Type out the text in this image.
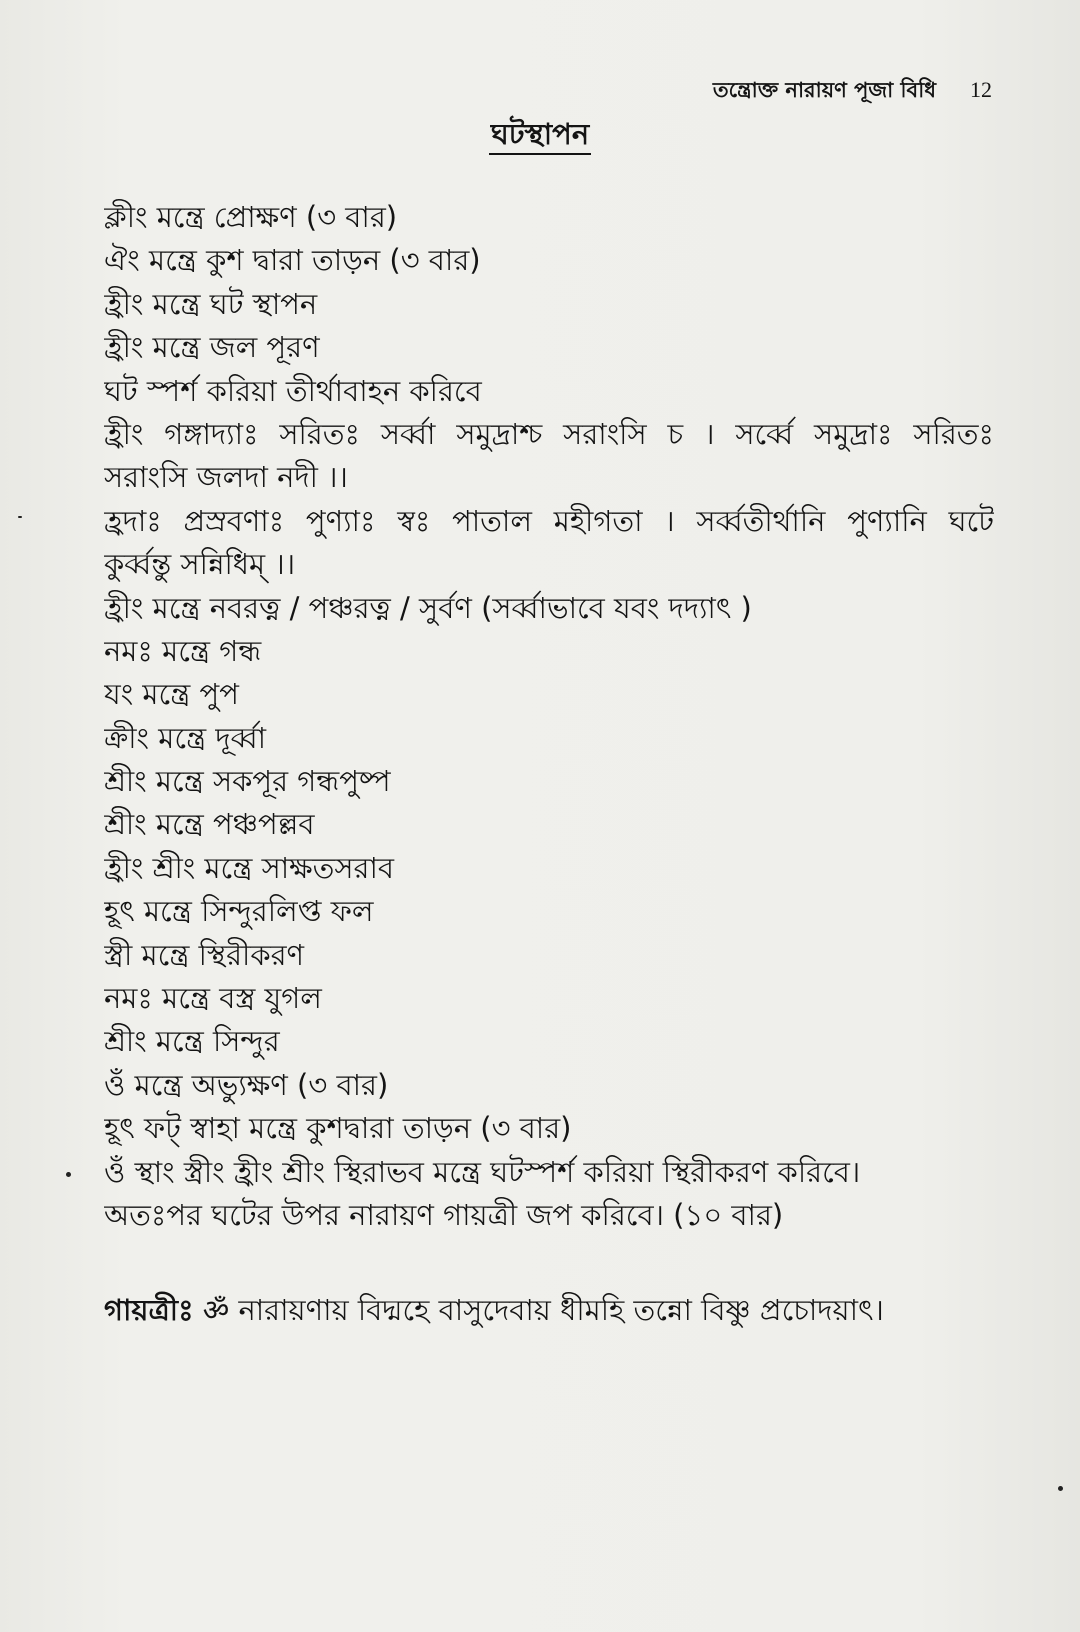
তন্ত্রোক্ত নারায়ণ পূজা বিধি 12
ঘটস্থাপন
ক্লীং মন্ত্রে প্রোক্ষণ (৩ বার)
ঐং মন্ত্রে কুশ দ্বারা তাড়ন (৩ বার)
হ্রীং মন্ত্রে ঘট স্থাপন
হ্রীং মন্ত্রে জল পূরণ
ঘট স্পর্শ করিয়া তীর্থাবাহন করিবে
হ্রীং গঙ্গাদ্যাঃ সরিতঃ সর্ব্বা সমুদ্রাশ্চ সরাংসি চ । সর্ব্বে সমুদ্রাঃ সরিতঃ
সরাংসি জলদা নদী ।।
হ্রদাঃ প্রস্রবণাঃ পুণ্যাঃ স্বঃ পাতাল মহীগতা । সর্ব্বতীর্থানি পুণ্যানি ঘটে
কুর্ব্বন্তু সন্নিধিম্ ।।
হ্রীং মন্ত্রে নবরত্ন / পঞ্চরত্ন / সুর্বণ (সর্ব্বাভাবে যবং দদ্যাৎ )
নমঃ মন্ত্রে গন্ধ
যং মন্ত্রে পুপ
ক্রীং মন্ত্রে দূর্ব্বা
শ্রীং মন্ত্রে সকপূর গন্ধপুষ্প
শ্রীং মন্ত্রে পঞ্চপল্লব
হ্রীং শ্রীং মন্ত্রে সাক্ষতসরাব
হূৎ মন্ত্রে সিন্দুরলিপ্ত ফল
স্ত্রী মন্ত্রে স্থিরীকরণ
নমঃ মন্ত্রে বস্ত্র যুগল
শ্রীং মন্ত্রে সিন্দুর
ওঁ মন্ত্রে অভ্যুক্ষণ (৩ বার)
হূৎ ফট্ স্বাহা মন্ত্রে কুশদ্বারা তাড়ন (৩ বার)
ওঁ স্থাং স্ত্রীং হ্রীং শ্রীং স্থিরাভব মন্ত্রে ঘটস্পর্শ করিয়া স্থিরীকরণ করিবে।
অতঃপর ঘটের উপর নারায়ণ গায়ত্রী জপ করিবে। (১০ বার)
গায়ত্রীঃ ॐ নারায়ণায় বিদ্মহে বাসুদেবায় ধীমহি তন্নো বিষ্ণু প্রচোদয়াৎ।
